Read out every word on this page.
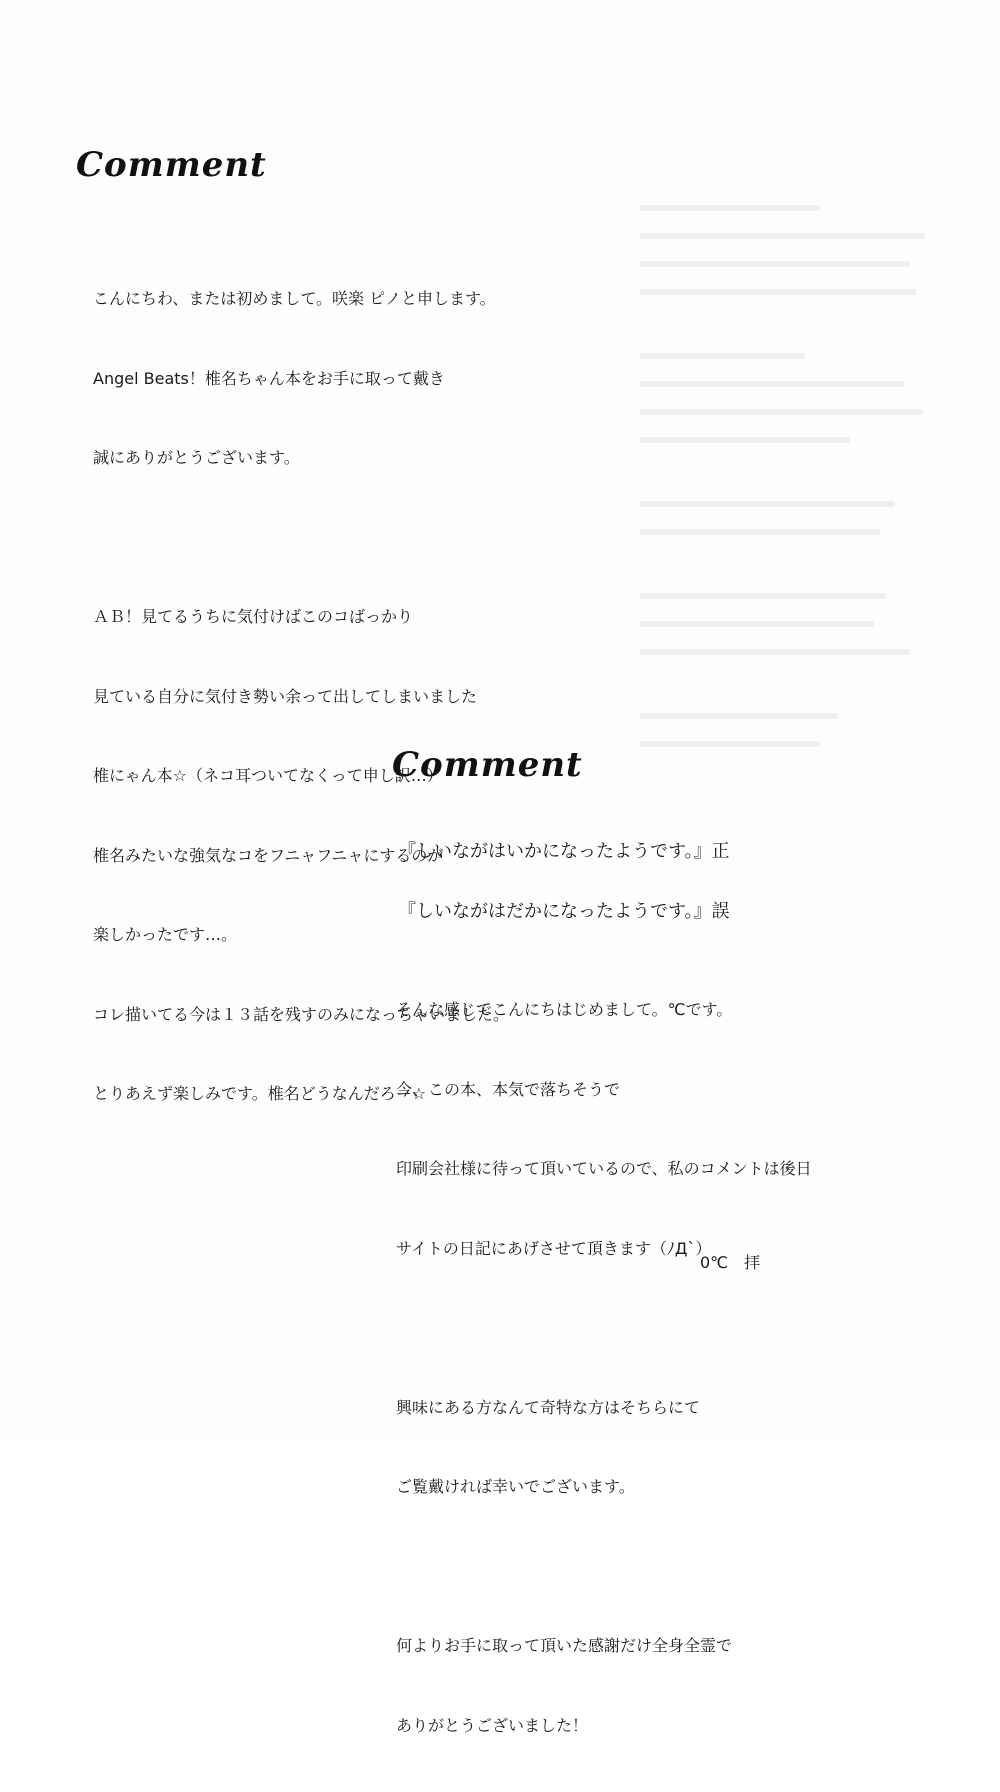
Comment

こんにちわ、または初めまして。咲楽 ピノと申します。

Angel Beats！椎名ちゃん本をお手に取って戴き

誠にありがとうございます。

ＡＢ！見てるうちに気付けばこのコばっかり

見ている自分に気付き勢い余って出してしまいました

椎にゃん本☆（ネコ耳ついてなくって申し訳…）

椎名みたいな強気なコをフニャフニャにするのが

楽しかったです…。

コレ描いてる今は１３話を残すのみになっちゃいました。

とりあえず楽しみです。椎名どうなんだろー☆

Comment

『しいながはいかになったようです。』正

『しいながはだかになったようです。』誤

そんな感じでこんにちはじめまして。℃です。

今、この本、本気で落ちそうで

印刷会社様に待って頂いているので、私のコメントは後日

サイトの日記にあげさせて頂きます（ﾉД`）

興味にある方なんて奇特な方はそちらにて

ご覧戴ければ幸いでございます。

何よりお手に取って頂いた感謝だけ全身全霊で

ありがとうございました！

0℃　拝
